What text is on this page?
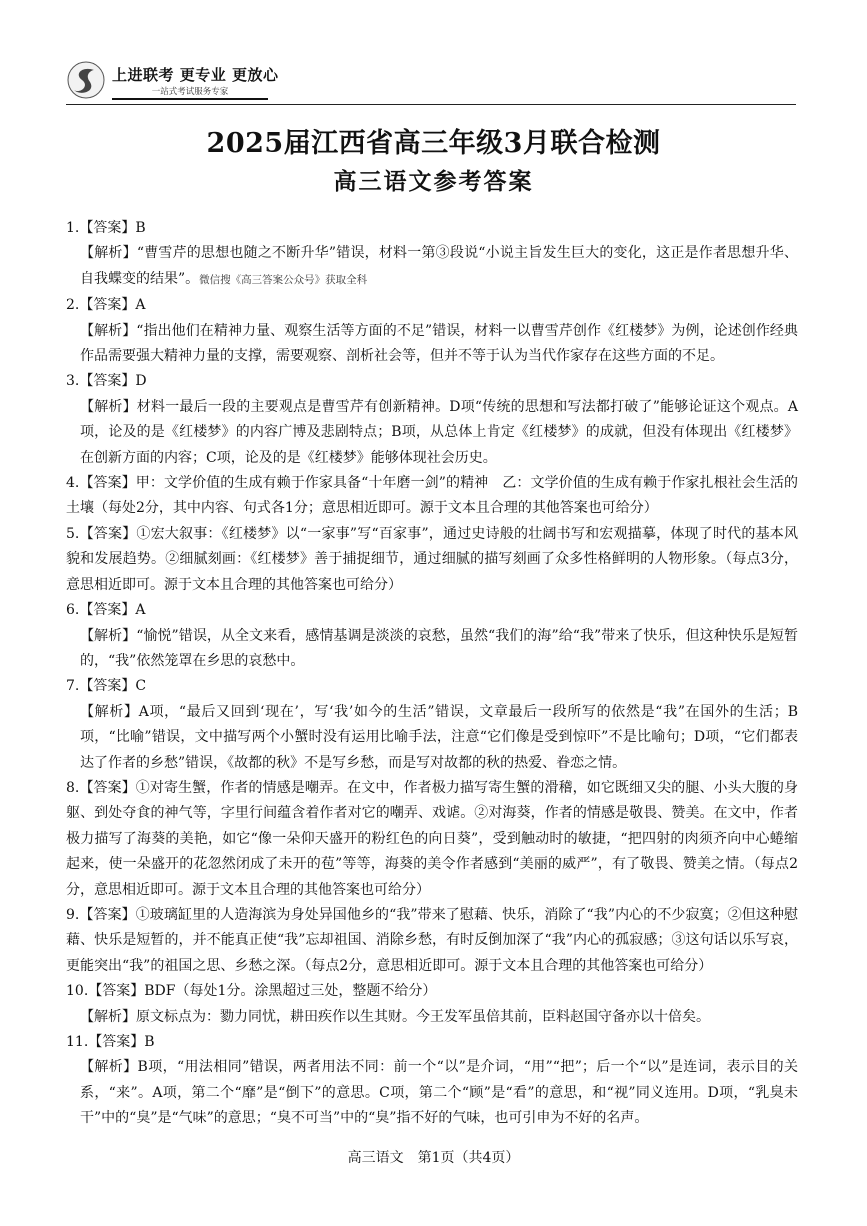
上进联考 更专业 更放心
一站式考试服务专家
2025届江西省高三年级3月联合检测
高三语文参考答案

1.【答案】B

【解析】“曹雪芹的思想也随之不断升华”错误，材料一第③段说“小说主旨发生巨大的变化，这正是作者思想升华、自我蝶变的结果”。微信搜《高三答案公众号》获取全科

2.【答案】A

【解析】“指出他们在精神力量、观察生活等方面的不足”错误，材料一以曹雪芹创作《红楼梦》为例，论述创作经典作品需要强大精神力量的支撑，需要观察、剖析社会等，但并不等于认为当代作家存在这些方面的不足。

3.【答案】D

【解析】材料一最后一段的主要观点是曹雪芹有创新精神。D项“传统的思想和写法都打破了”能够论证这个观点。A项，论及的是《红楼梦》的内容广博及悲剧特点；B项，从总体上肯定《红楼梦》的成就，但没有体现出《红楼梦》在创新方面的内容；C项，论及的是《红楼梦》能够体现社会历史。

4.【答案】甲：文学价值的生成有赖于作家具备“十年磨一剑”的精神　乙：文学价值的生成有赖于作家扎根社会生活的土壤（每处2分，其中内容、句式各1分；意思相近即可。源于文本且合理的其他答案也可给分）

5.【答案】①宏大叙事：《红楼梦》以“一家事”写“百家事”，通过史诗般的壮阔书写和宏观描摹，体现了时代的基本风貌和发展趋势。②细腻刻画：《红楼梦》善于捕捉细节，通过细腻的描写刻画了众多性格鲜明的人物形象。（每点3分，意思相近即可。源于文本且合理的其他答案也可给分）

6.【答案】A

【解析】“愉悦”错误，从全文来看，感情基调是淡淡的哀愁，虽然“我们的海”给“我”带来了快乐，但这种快乐是短暂的，“我”依然笼罩在乡思的哀愁中。

7.【答案】C

【解析】A项，“最后又回到‘现在’，写‘我’如今的生活”错误，文章最后一段所写的依然是“我”在国外的生活；B项，“比喻”错误，文中描写两个小蟹时没有运用比喻手法，注意“它们像是受到惊吓”不是比喻句；D项，“它们都表达了作者的乡愁”错误，《故都的秋》不是写乡愁，而是写对故都的秋的热爱、眷恋之情。

8.【答案】①对寄生蟹，作者的情感是嘲弄。在文中，作者极力描写寄生蟹的滑稽，如它既细又尖的腿、小头大腹的身躯、到处夺食的神气等，字里行间蕴含着作者对它的嘲弄、戏谑。②对海葵，作者的情感是敬畏、赞美。在文中，作者极力描写了海葵的美艳，如它“像一朵仰天盛开的粉红色的向日葵”，受到触动时的敏捷，“把四射的肉须齐向中心蜷缩起来，使一朵盛开的花忽然闭成了未开的苞”等等，海葵的美令作者感到“美丽的威严”，有了敬畏、赞美之情。（每点2分，意思相近即可。源于文本且合理的其他答案也可给分）

9.【答案】①玻璃缸里的人造海滨为身处异国他乡的“我”带来了慰藉、快乐，消除了“我”内心的不少寂寞；②但这种慰藉、快乐是短暂的，并不能真正使“我”忘却祖国、消除乡愁，有时反倒加深了“我”内心的孤寂感；③这句话以乐写哀，更能突出“我”的祖国之思、乡愁之深。（每点2分，意思相近即可。源于文本且合理的其他答案也可给分）

10.【答案】BDF（每处1分。涂黑超过三处，整题不给分）

【解析】原文标点为：勠力同忧，耕田疾作以生其财。今王发军虽倍其前，臣料赵国守备亦以十倍矣。

11.【答案】B

【解析】B项，“用法相同”错误，两者用法不同：前一个“以”是介词，“用”“把”；后一个“以”是连词，表示目的关系，“来”。A项，第二个“靡”是“倒下”的意思。C项，第二个“顾”是“看”的意思，和“视”同义连用。D项，“乳臭未干”中的“臭”是“气味”的意思；“臭不可当”中的“臭”指不好的气味，也可引申为不好的名声。

高三语文　第1页（共4页）
